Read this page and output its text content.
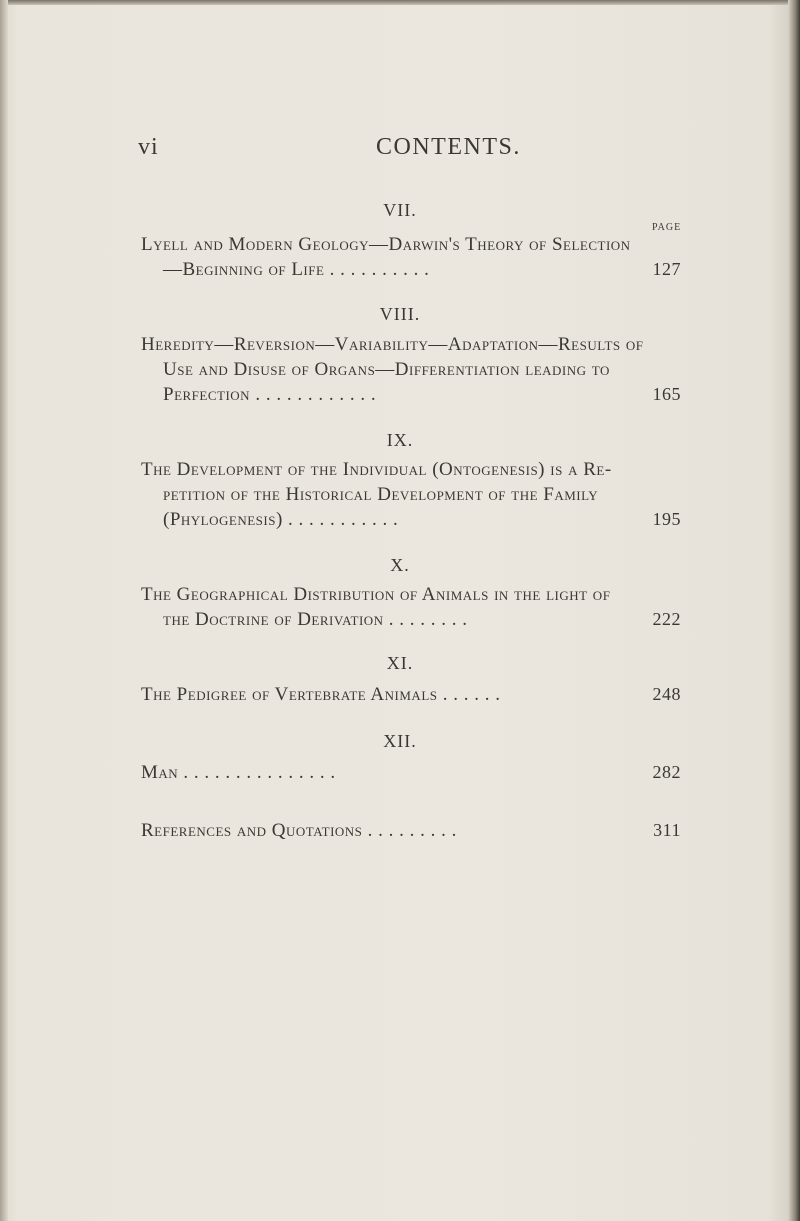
vi	CONTENTS.
VII.
PAGE
Lyell and Modern Geology—Darwin's Theory of Selection
—Beginning of Life . . . . . . . . . .	127
VIII.
Heredity—Reversion—Variability—Adaptation—Results of
Use and Disuse of Organs—Differentiation leading to
Perfection . . . . . . . . . . . .	165
IX.
The Development of the Individual (Ontogenesis) is a Re-
petition of the Historical Development of the Family
(Phylogenesis) . . . . . . . . . . .	195
X.
The Geographical Distribution of Animals in the light of
the Doctrine of Derivation . . . . . . . .	222
XI.
The Pedigree of Vertebrate Animals . . . . . .	248
XII.
Man . . . . . . . . . . . . . . .	282
References and Quotations . . . . . . . . .	311
